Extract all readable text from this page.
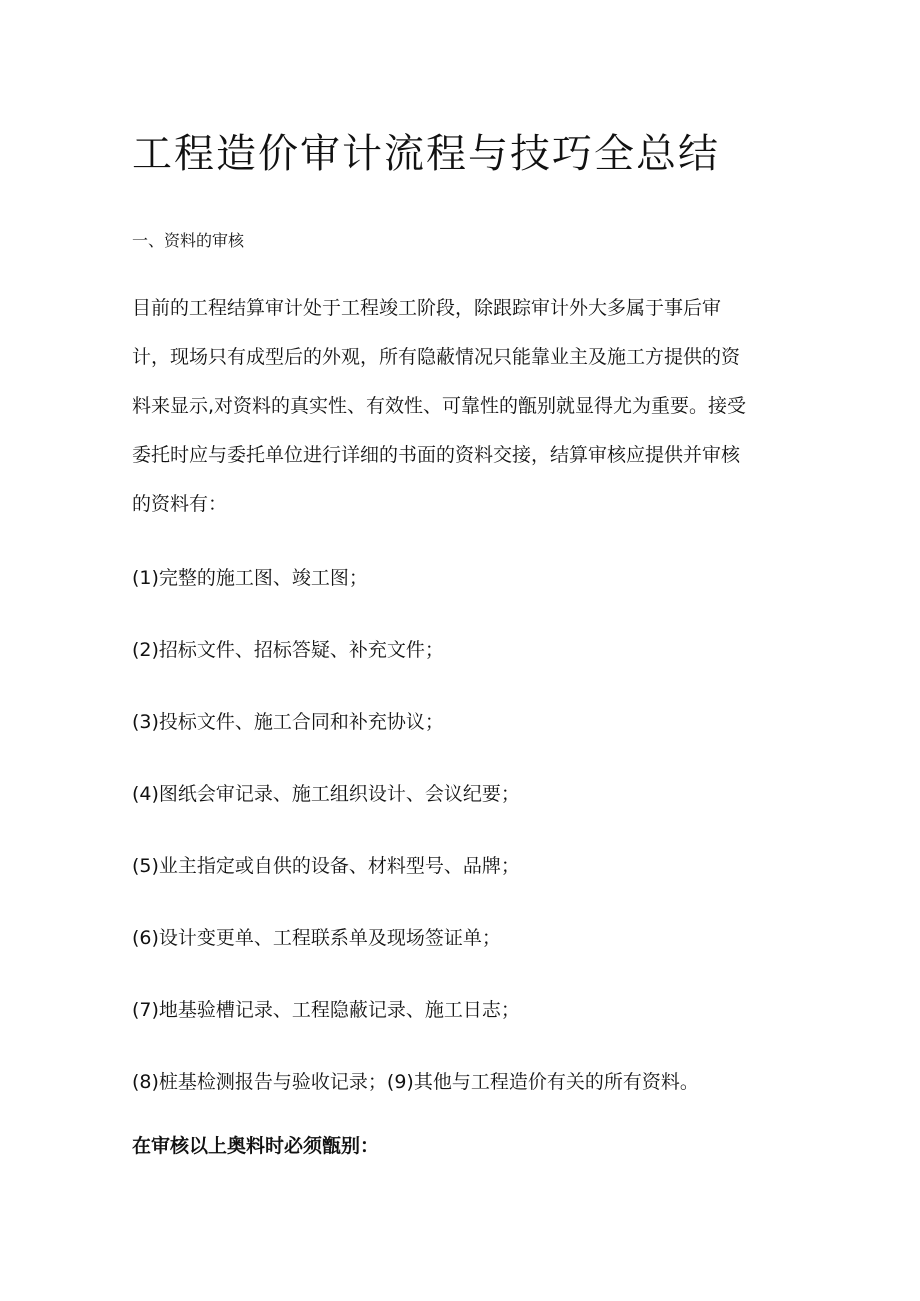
工程造价审计流程与技巧全总结
一、资料的审核
目前的工程结算审计处于工程竣工阶段，除跟踪审计外大多属于事后审
计，现场只有成型后的外观，所有隐蔽情况只能靠业主及施工方提供的资
料来显示,对资料的真实性、有效性、可靠性的甑别就显得尤为重要。接受
委托时应与委托单位进行详细的书面的资料交接，结算审核应提供并审核
的资料有：
(1)完整的施工图、竣工图；
(2)招标文件、招标答疑、补充文件；
(3)投标文件、施工合同和补充协议；
(4)图纸会审记录、施工组织设计、会议纪要；
(5)业主指定或自供的设备、材料型号、品牌；
(6)设计变更单、工程联系单及现场签证单；
(7)地基验槽记录、工程隐蔽记录、施工日志；
(8)桩基检测报告与验收记录；(9)其他与工程造价有关的所有资料。

在审核以上奥料时必须甑别：
